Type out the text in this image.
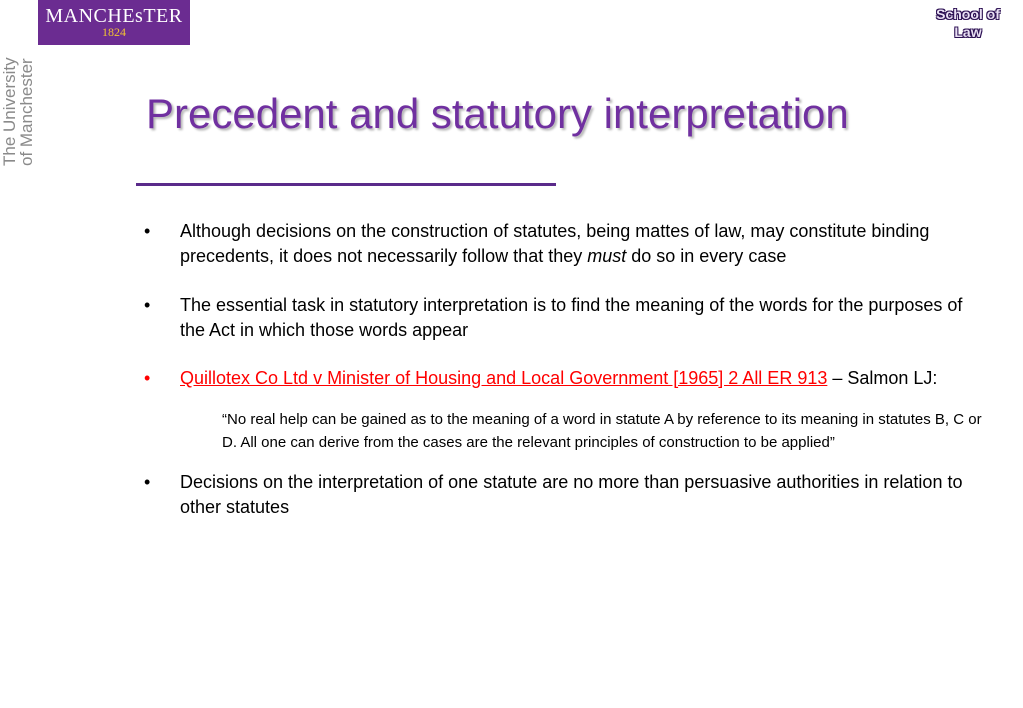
MANCHEsTER
1824
The University
of Manchester
School of
Law
Precedent and statutory interpretation
• Although decisions on the construction of statutes, being mattes of law, may constitute binding precedents, it does not necessarily follow that they must do so in every case
• The essential task in statutory interpretation is to find the meaning of the words for the purposes of the Act in which those words appear
• Quillotex Co Ltd v Minister of Housing and Local Government [1965] 2 All ER 913 – Salmon LJ:
“No real help can be gained as to the meaning of a word in statute A by reference to its meaning in statutes B, C or D. All one can derive from the cases are the relevant principles of construction to be applied”
• Decisions on the interpretation of one statute are no more than persuasive authorities in relation to other statutes
